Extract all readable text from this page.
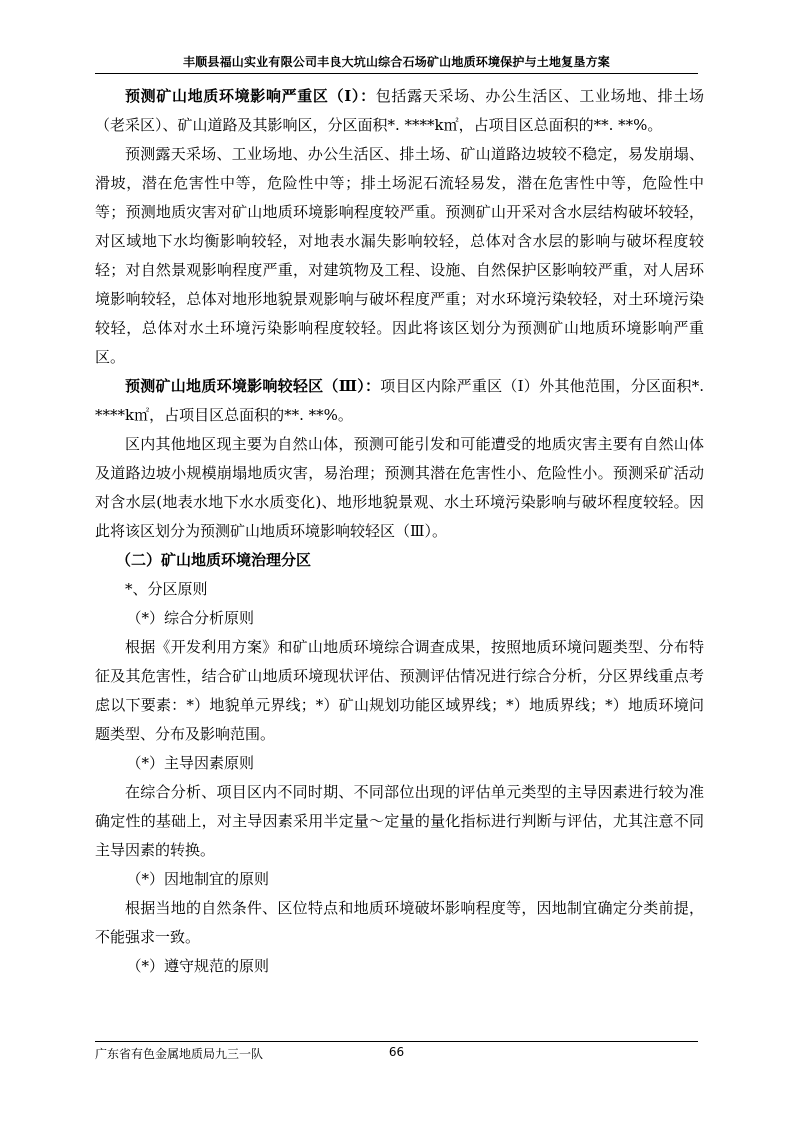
丰顺县福山实业有限公司丰良大坑山综合石场矿山地质环境保护与土地复垦方案

预测矿山地质环境影响严重区（Ⅰ）：包括露天采场、办公生活区、工业场地、排土场（老采区）、矿山道路及其影响区，分区面积*. ****k㎡，占项目区总面积的**. **%。

预测露天采场、工业场地、办公生活区、排土场、矿山道路边坡较不稳定，易发崩塌、滑坡，潜在危害性中等，危险性中等；排土场泥石流轻易发，潜在危害性中等，危险性中等；预测地质灾害对矿山地质环境影响程度较严重。预测矿山开采对含水层结构破坏较轻，对区域地下水均衡影响较轻，对地表水漏失影响较轻，总体对含水层的影响与破坏程度较轻；对自然景观影响程度严重，对建筑物及工程、设施、自然保护区影响较严重，对人居环境影响较轻，总体对地形地貌景观影响与破坏程度严重；对水环境污染较轻，对土环境污染较轻，总体对水土环境污染影响程度较轻。因此将该区划分为预测矿山地质环境影响严重区。

预测矿山地质环境影响较轻区（Ⅲ）：项目区内除严重区（Ⅰ）外其他范围，分区面积*. ****k㎡，占项目区总面积的**. **%。

区内其他地区现主要为自然山体，预测可能引发和可能遭受的地质灾害主要有自然山体及道路边坡小规模崩塌地质灾害，易治理；预测其潜在危害性小、危险性小。预测采矿活动对含水层(地表水地下水水质变化)、地形地貌景观、水土环境污染影响与破坏程度较轻。因此将该区划分为预测矿山地质环境影响较轻区（Ⅲ）。

（二）矿山地质环境治理分区

*、分区原则

（*）综合分析原则

根据《开发利用方案》和矿山地质环境综合调查成果，按照地质环境问题类型、分布特征及其危害性，结合矿山地质环境现状评估、预测评估情况进行综合分析，分区界线重点考虑以下要素：*）地貌单元界线；*）矿山规划功能区域界线；*）地质界线；*）地质环境问题类型、分布及影响范围。

（*）主导因素原则

在综合分析、项目区内不同时期、不同部位出现的评估单元类型的主导因素进行较为准确定性的基础上，对主导因素采用半定量～定量的量化指标进行判断与评估，尤其注意不同主导因素的转换。

（*）因地制宜的原则

根据当地的自然条件、区位特点和地质环境破坏影响程度等，因地制宜确定分类前提，不能强求一致。

（*）遵守规范的原则

广东省有色金属地质局九三一队	66
